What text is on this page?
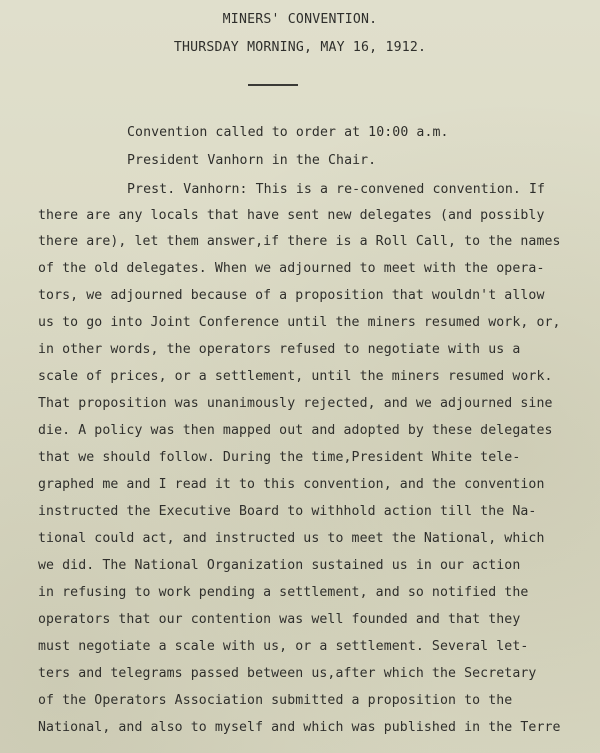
MINERS' CONVENTION.
THURSDAY MORNING, MAY 16, 1912.
Convention called to order at 10:00 a.m.
President Vanhorn in the Chair.
Prest. Vanhorn: This is a re-convened convention. If
there are any locals that have sent new delegates (and possibly
there are), let them answer,if there is a Roll Call, to the names
of the old delegates. When we adjourned to meet with the opera-
tors, we adjourned because of a proposition that wouldn't allow
us to go into Joint Conference until the miners resumed work, or,
in other words, the operators refused to negotiate with us a
scale of prices, or a settlement, until the miners resumed work.
That proposition was unanimously rejected, and we adjourned sine
die. A policy was then mapped out and adopted by these delegates
that we should follow. During the time,President White tele-
graphed me and I read it to this convention, and the convention
instructed the Executive Board to withhold action till the Na-
tional could act, and instructed us to meet the National, which
we did. The National Organization sustained us in our action
in refusing to work pending a settlement, and so notified the
operators that our contention was well founded and that they
must negotiate a scale with us, or a settlement. Several let-
ters and telegrams passed between us,after which the Secretary
of the Operators Association submitted a proposition to the
National, and also to myself and which was published in the Terre
